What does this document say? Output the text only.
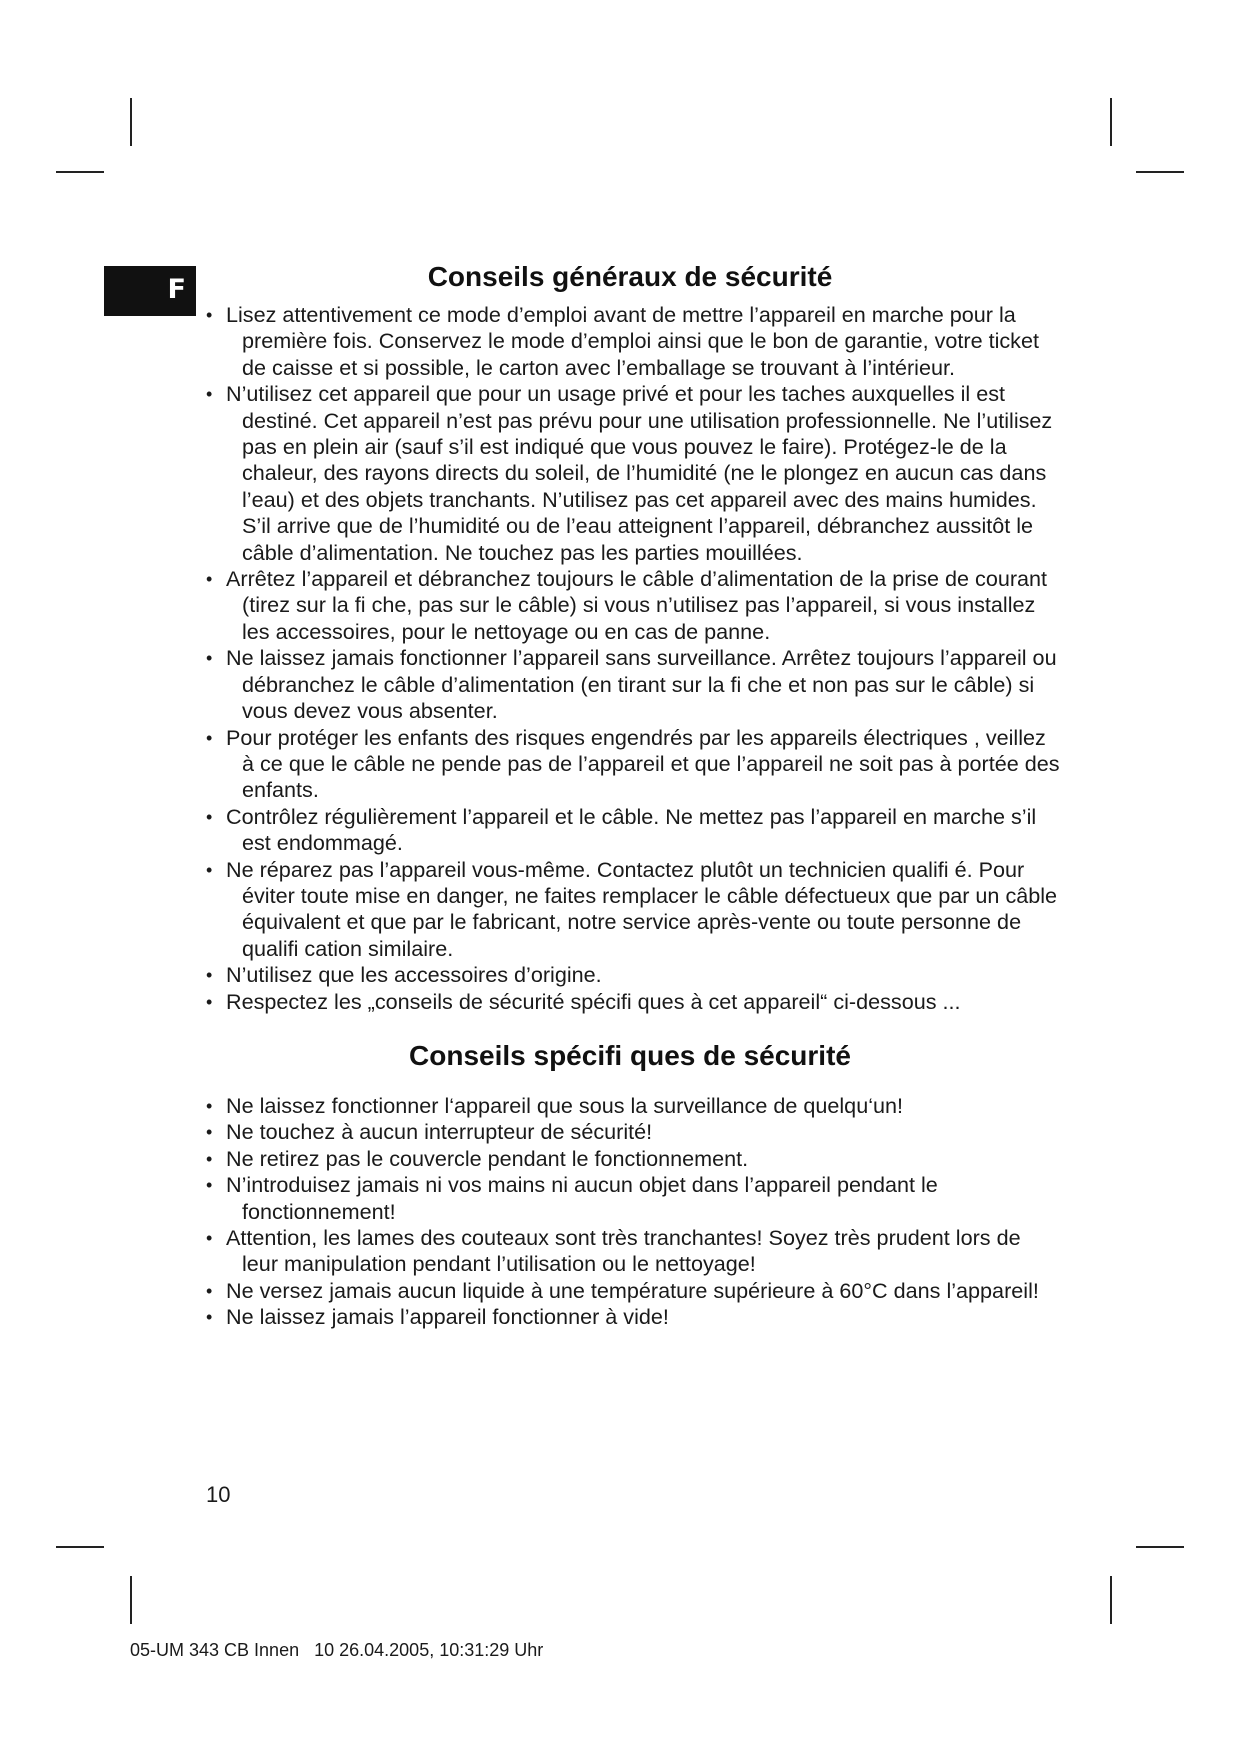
F	Conseils généraux de sécurité
• Lisez attentivement ce mode d’emploi avant de mettre l’appareil en marche pour la première fois. Conservez le mode d’emploi ainsi que le bon de garantie, votre ticket de caisse et si possible, le carton avec l’emballage se trouvant à l’intérieur.
• N’utilisez cet appareil que pour un usage privé et pour les taches auxquelles il est destiné. Cet appareil n’est pas prévu pour une utilisation professionnelle. Ne l’utilisez pas en plein air (sauf s’il est indiqué que vous pouvez le faire). Protégez-le de la chaleur, des rayons directs du soleil, de l’humidité (ne le plongez en aucun cas dans l’eau) et des objets tranchants. N’utilisez pas cet appareil avec des mains humides. S’il arrive que de l’humidité ou de l’eau atteignent l’appareil, débranchez aussitôt le câble d’alimentation. Ne touchez pas les parties mouillées.
• Arrêtez l’appareil et débranchez toujours le câble d’alimentation de la prise de courant (tirez sur la fi che, pas sur le câble) si vous n’utilisez pas l’appareil, si vous installez les accessoires, pour le nettoyage ou en cas de panne.
• Ne laissez jamais fonctionner l’appareil sans surveillance. Arrêtez toujours l’appareil ou débranchez le câble d’alimentation (en tirant sur la fi che et non pas sur le câble) si vous devez vous absenter.
• Pour protéger les enfants des risques engendrés par les appareils électriques , veillez à ce que le câble ne pende pas de l’appareil et que l’appareil ne soit pas à portée des enfants.
• Contrôlez régulièrement l’appareil et le câble. Ne mettez pas l’appareil en marche s’il est endommagé.
• Ne réparez pas l’appareil vous-même. Contactez plutôt un technicien qualifi é. Pour éviter toute mise en danger, ne faites remplacer le câble défectueux que par un câble équivalent et que par le fabricant, notre service après-vente ou toute personne de qualifi cation similaire.
• N’utilisez que les accessoires d’origine.
• Respectez les „conseils de sécurité spécifi ques à cet appareil“ ci-dessous ...
Conseils spécifi ques de sécurité
• Ne laissez fonctionner l‘appareil que sous la surveillance de quelqu‘un!
• Ne touchez à aucun interrupteur de sécurité!
• Ne retirez pas le couvercle pendant le fonctionnement.
• N’introduisez jamais ni vos mains ni aucun objet dans l’appareil pendant le fonctionnement!
• Attention, les lames des couteaux sont très tranchantes! Soyez très prudent lors de leur manipulation pendant l’utilisation ou le nettoyage!
• Ne versez jamais aucun liquide à une température supérieure à 60°C dans l’appareil!
• Ne laissez jamais l’appareil fonctionner à vide!
10
05-UM 343 CB Innen   10 26.04.2005, 10:31:29 Uhr
